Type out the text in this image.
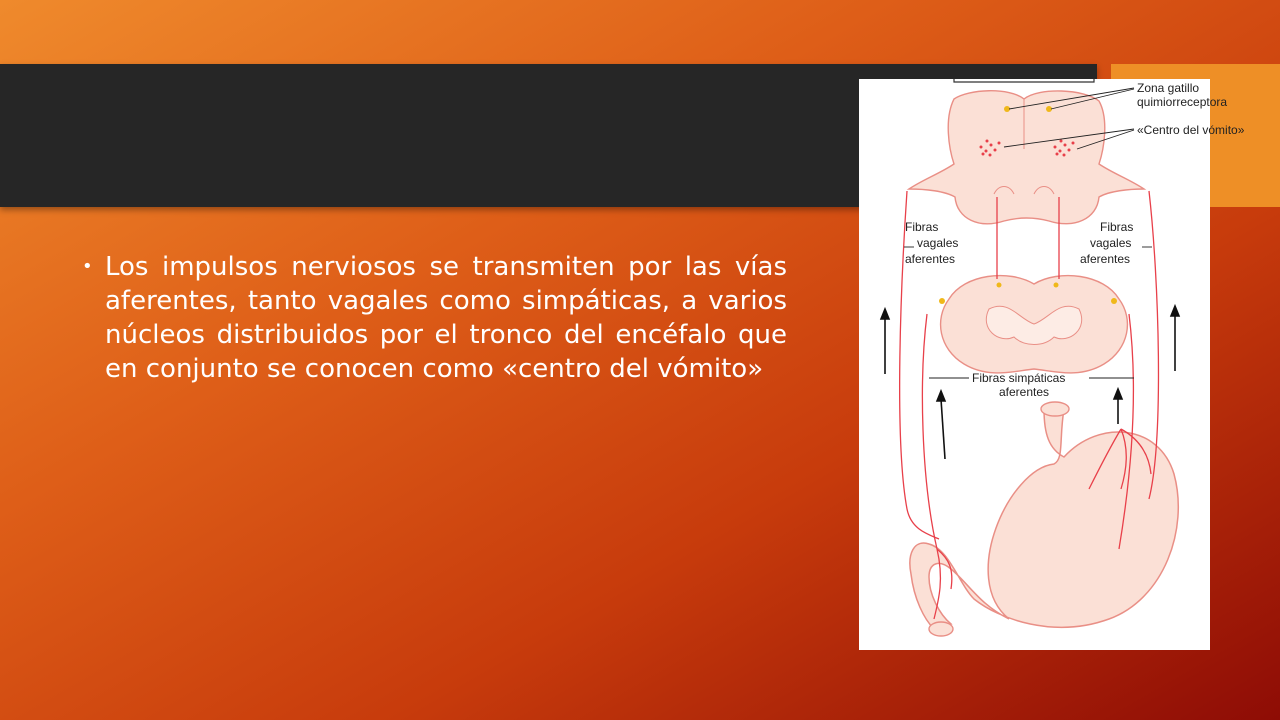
• Los impulsos nerviosos se transmiten por las vías aferentes, tanto vagales como simpáticas, a varios núcleos distribuidos por el tronco del encéfalo que en conjunto se conocen como «centro del vómito»
Zona gatillo
quimiorreceptora
«Centro del vómito»
Fibras
vagales
aferentes
Fibras
vagales
aferentes
Fibras simpáticas
aferentes
